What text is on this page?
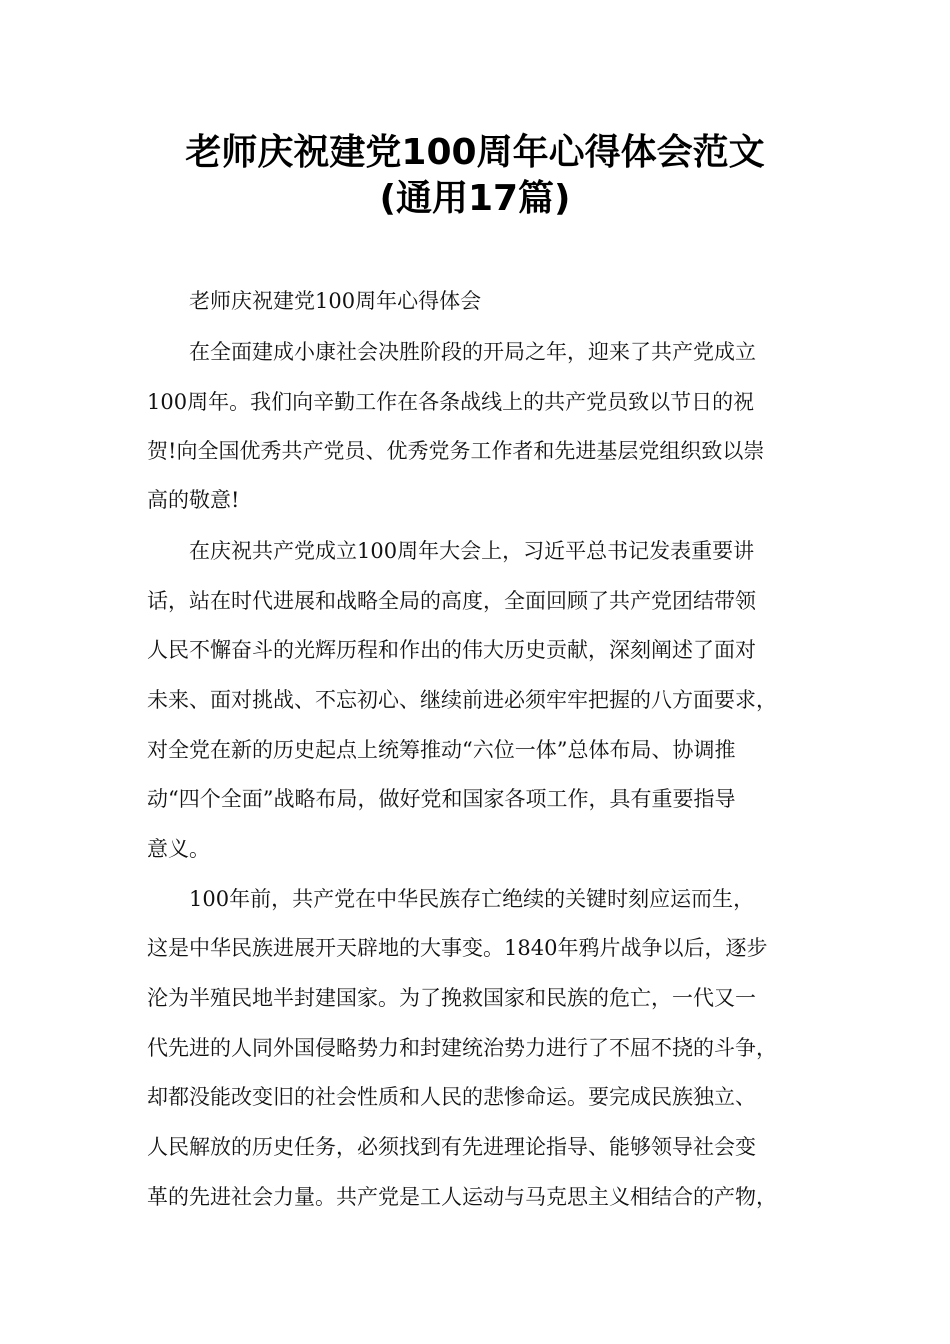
老师庆祝建党100周年心得体会范文
(通用17篇)

老师庆祝建党100周年心得体会

在全面建成小康社会决胜阶段的开局之年，迎来了共产党成立

100周年。我们向辛勤工作在各条战线上的共产党员致以节日的祝

贺!向全国优秀共产党员、优秀党务工作者和先进基层党组织致以崇

高的敬意!

在庆祝共产党成立100周年大会上，习近平总书记发表重要讲

话，站在时代进展和战略全局的高度，全面回顾了共产党团结带领

人民不懈奋斗的光辉历程和作出的伟大历史贡献，深刻阐述了面对

未来、面对挑战、不忘初心、继续前进必须牢牢把握的八方面要求，

对全党在新的历史起点上统筹推动“六位一体”总体布局、协调推

动“四个全面”战略布局，做好党和国家各项工作，具有重要指导

意义。

100年前，共产党在中华民族存亡绝续的关键时刻应运而生，

这是中华民族进展开天辟地的大事变。1840年鸦片战争以后，逐步

沦为半殖民地半封建国家。为了挽救国家和民族的危亡，一代又一

代先进的人同外国侵略势力和封建统治势力进行了不屈不挠的斗争，

却都没能改变旧的社会性质和人民的悲惨命运。要完成民族独立、

人民解放的历史任务，必须找到有先进理论指导、能够领导社会变

革的先进社会力量。共产党是工人运动与马克思主义相结合的产物，
